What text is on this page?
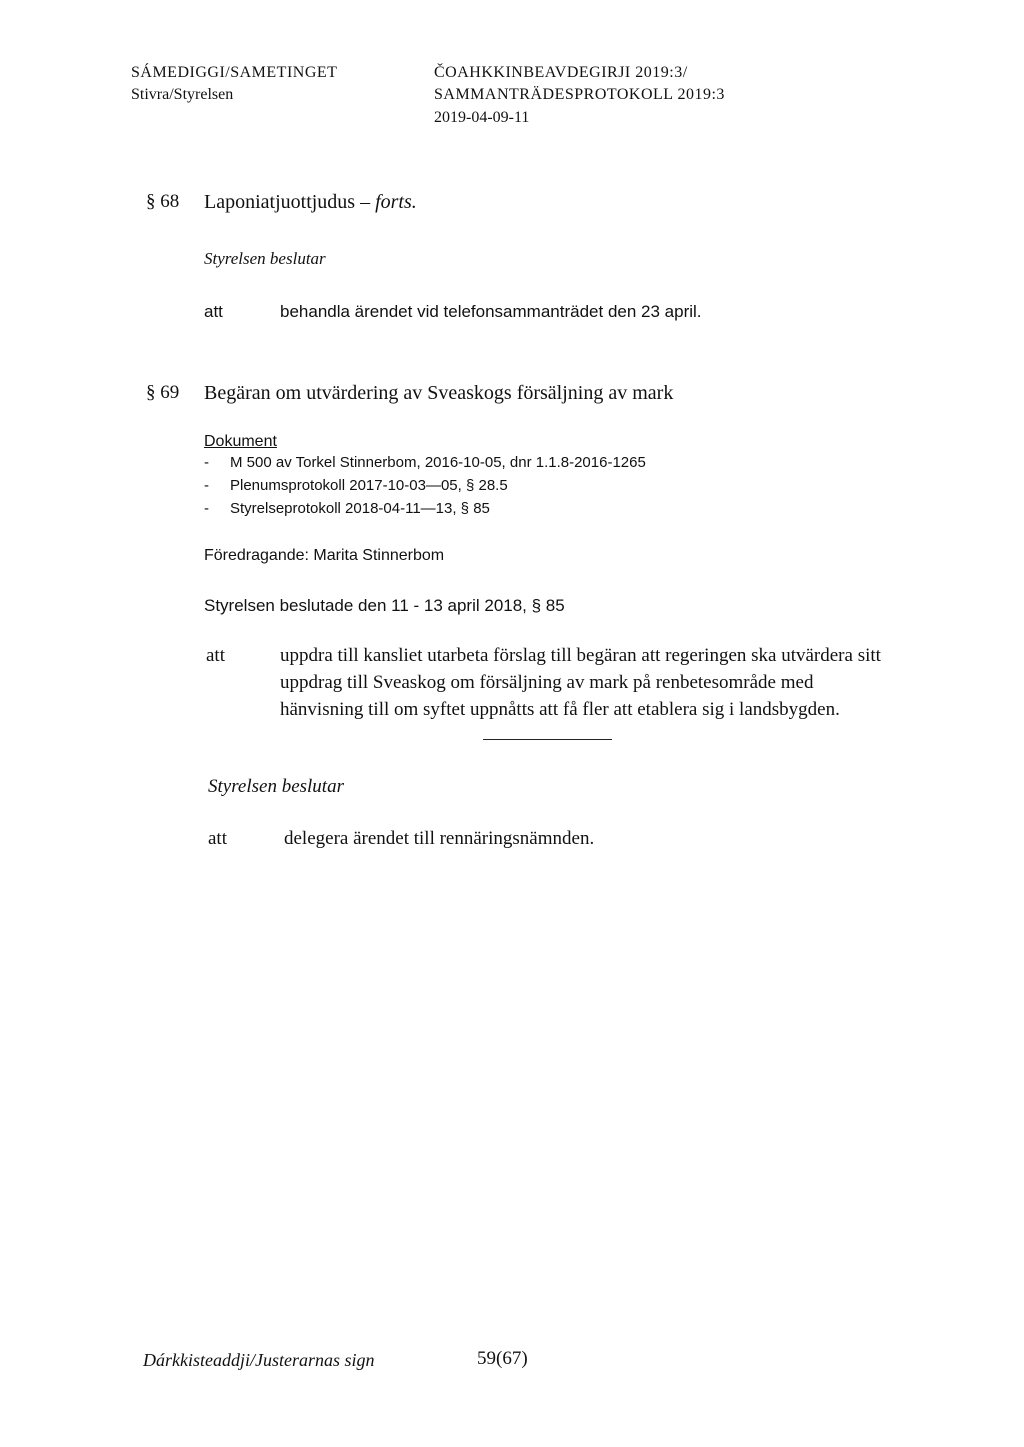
SÁMEDIGGI/SAMETINGET
Stivra/Styrelsen
ČOAHKKINBEAVDEGIRJI 2019:3/
SAMMANTRÄDESPROTOKOLL 2019:3
2019-04-09-11
§ 68 Laponiatjuottjudus – forts.
Styrelsen beslutar
att	behandla ärendet vid telefonsammanträdet den 23 april.
§ 69 Begäran om utvärdering av Sveaskogs försäljning av mark
Dokument
- M 500 av Torkel Stinnerbom, 2016-10-05, dnr 1.1.8-2016-1265
- Plenumsprotokoll 2017-10-03—05, § 28.5
- Styrelseprotokoll 2018-04-11—13, § 85
Föredragande: Marita Stinnerbom
Styrelsen beslutade den 11 - 13 april 2018, § 85
att	uppdra till kansliet utarbeta förslag till begäran att regeringen ska utvärdera sitt
uppdrag till Sveaskog om försäljning av mark på renbetesområde med
hänvisning till om syftet uppnåtts att få fler att etablera sig i landsbygden.
Styrelsen beslutar
att	delegera ärendet till rennäringsnämnden.
Dárkkisteaddji/Justerarnas sign	59(67)
